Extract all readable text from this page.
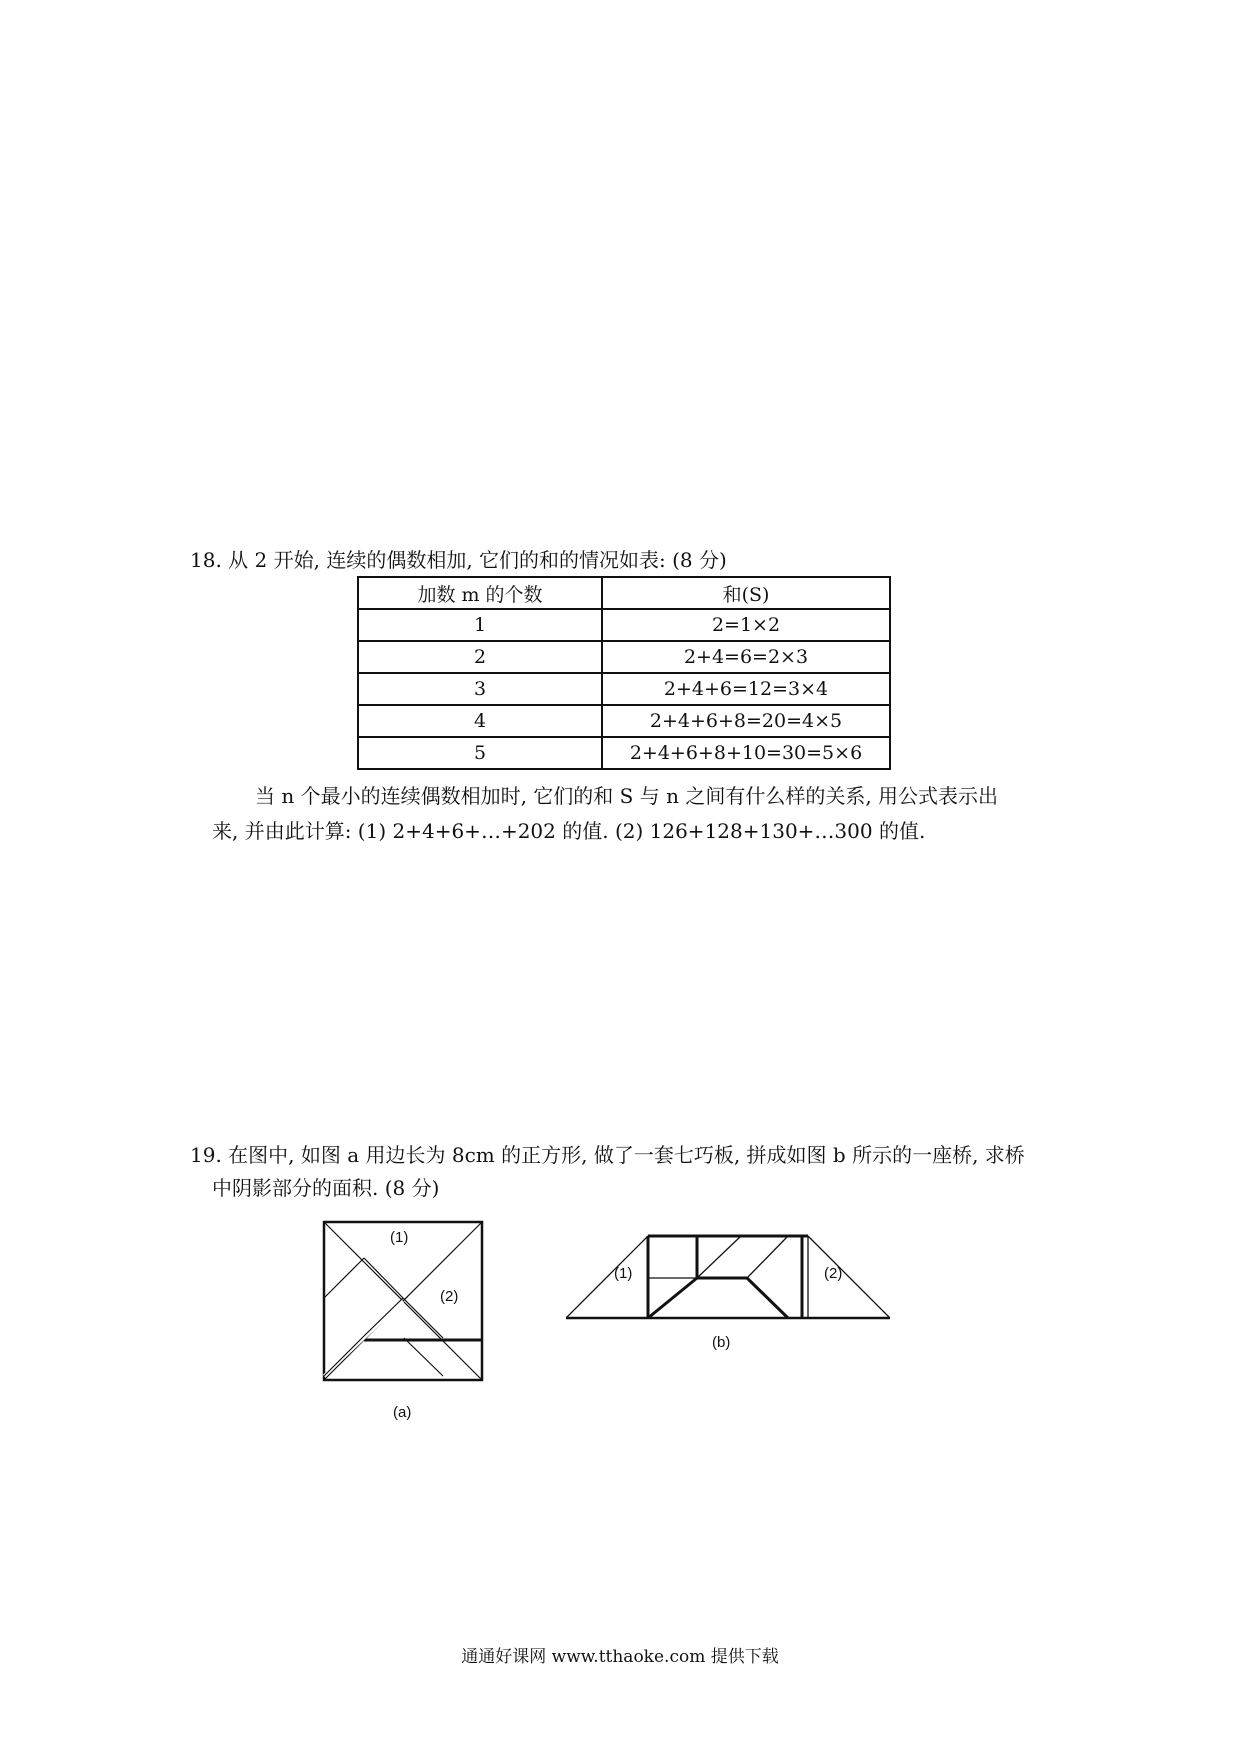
18. 从 2 开始, 连续的偶数相加, 它们的和的情况如表: (8 分)
加数 m 的个数	和(S)
1	2=1×2
2	2+4=6=2×3
3	2+4+6=12=3×4
4	2+4+6+8=20=4×5
5	2+4+6+8+10=30=5×6
当 n 个最小的连续偶数相加时, 它们的和 S 与 n 之间有什么样的关系, 用公式表示出
来, 并由此计算: (1) 2+4+6+…+202 的值. (2) 126+128+130+…300 的值.
19. 在图中, 如图 a 用边长为 8cm 的正方形, 做了一套七巧板, 拼成如图 b 所示的一座桥, 求桥
中阴影部分的面积. (8 分)
(1)
(2)
(a)
(1)	(2)
(b)
通通好课网 www.tthaoke.com 提供下载
